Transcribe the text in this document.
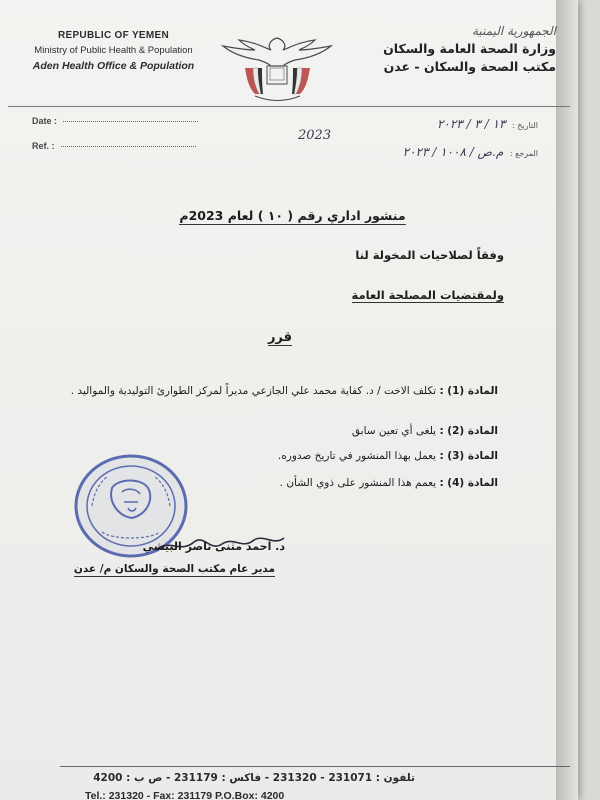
REPUBLIC OF YEMEN
Ministry of Public Health & Population
Aden Health Office & Population
الجمهورية اليمنية
وزارة الصحة العامة والسكان
مكتب الصحة والسكان - عدن
Date :
Ref. :
التاريخ : ١٣ / ٣ / ٢٠٢٣
2023
المرجع : م.ص / ١٠٠٨ / ٢٠٢٣
منشور اداري رقم ( ١٠ ) لعام 2023م
وفقاً لصلاحيات المخولة لنا
ولمقتضيات المصلحة العامة
قرر
المادة (1) : تكلف الاخت / د. كفاية محمد علي الجازعي مديراً لمركز الطوارئ التوليدية والمواليد .
المادة (2) : يلغى أي تعين سابق
المادة (3) : يعمل بهذا المنشور في تاريخ صدوره.
المادة (4) : يعمم هذا المنشور على ذوي الشأن .
د. احمد مثنى ناصر البيشي
مدير عام مكتب الصحة والسكان م/ عدن
تلفون : 231071 - 231320 - فاكس : 231179 - ص ب : 4200
Tel.: 231320 - Fax: 231179 P.O.Box: 4200
